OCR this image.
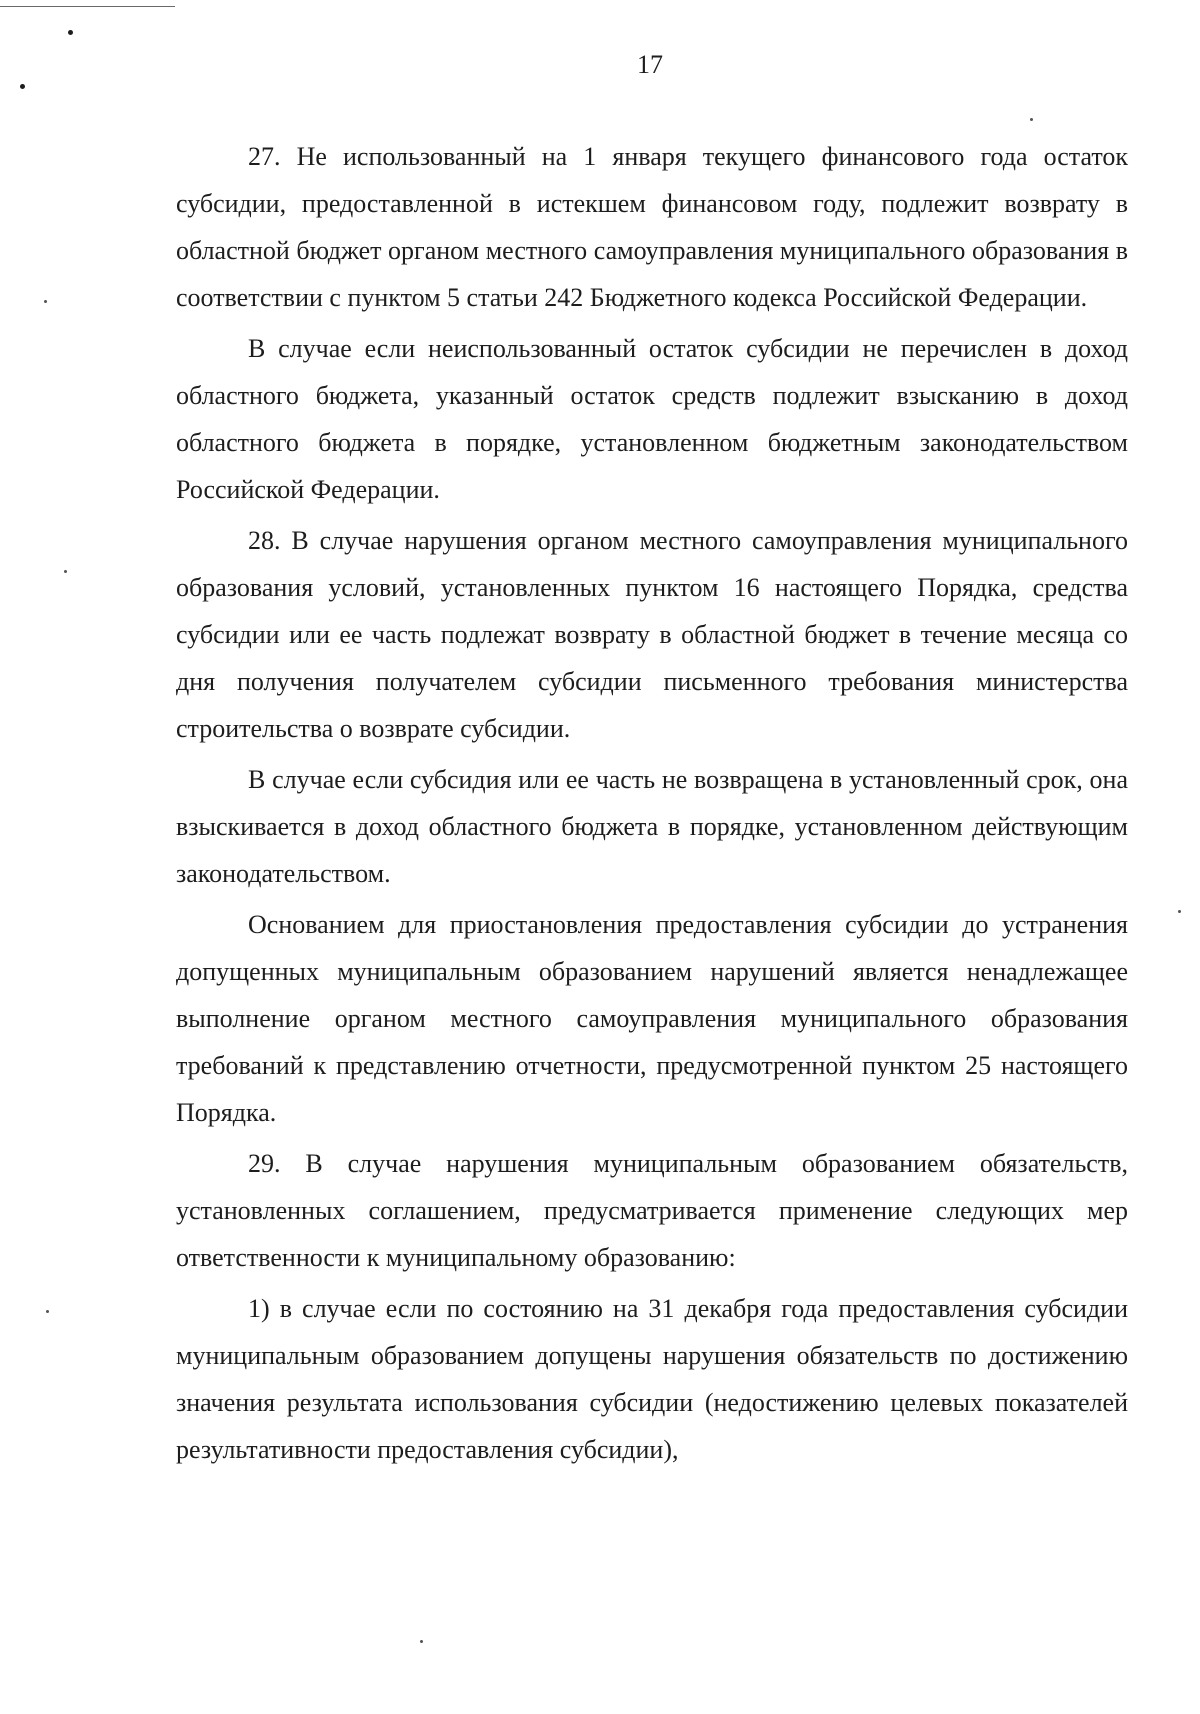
17

27. Не использованный на 1 января текущего финансового года остаток субсидии, предоставленной в истекшем финансовом году, подлежит возврату в областной бюджет органом местного самоуправления муниципального образования в соответствии с пунктом 5 статьи 242 Бюджетного кодекса Российской Федерации.

В случае если неиспользованный остаток субсидии не перечислен в доход областного бюджета, указанный остаток средств подлежит взысканию в доход областного бюджета в порядке, установленном бюджетным законодательством Российской Федерации.

28. В случае нарушения органом местного самоуправления муниципального образования условий, установленных пунктом 16 настоящего Порядка, средства субсидии или ее часть подлежат возврату в областной бюджет в течение месяца со дня получения получателем субсидии письменного требования министерства строительства о возврате субсидии.

В случае если субсидия или ее часть не возвращена в установленный срок, она взыскивается в доход областного бюджета в порядке, установленном действующим законодательством.

Основанием для приостановления предоставления субсидии до устранения допущенных муниципальным образованием нарушений является ненадлежащее выполнение органом местного самоуправления муниципального образования требований к представлению отчетности, предусмотренной пунктом 25 настоящего Порядка.

29. В случае нарушения муниципальным образованием обязательств, установленных соглашением, предусматривается применение следующих мер ответственности к муниципальному образованию:

1) в случае если по состоянию на 31 декабря года предоставления субсидии муниципальным образованием допущены нарушения обязательств по достижению значения результата использования субсидии (недостижению целевых показателей результативности предоставления субсидии),
